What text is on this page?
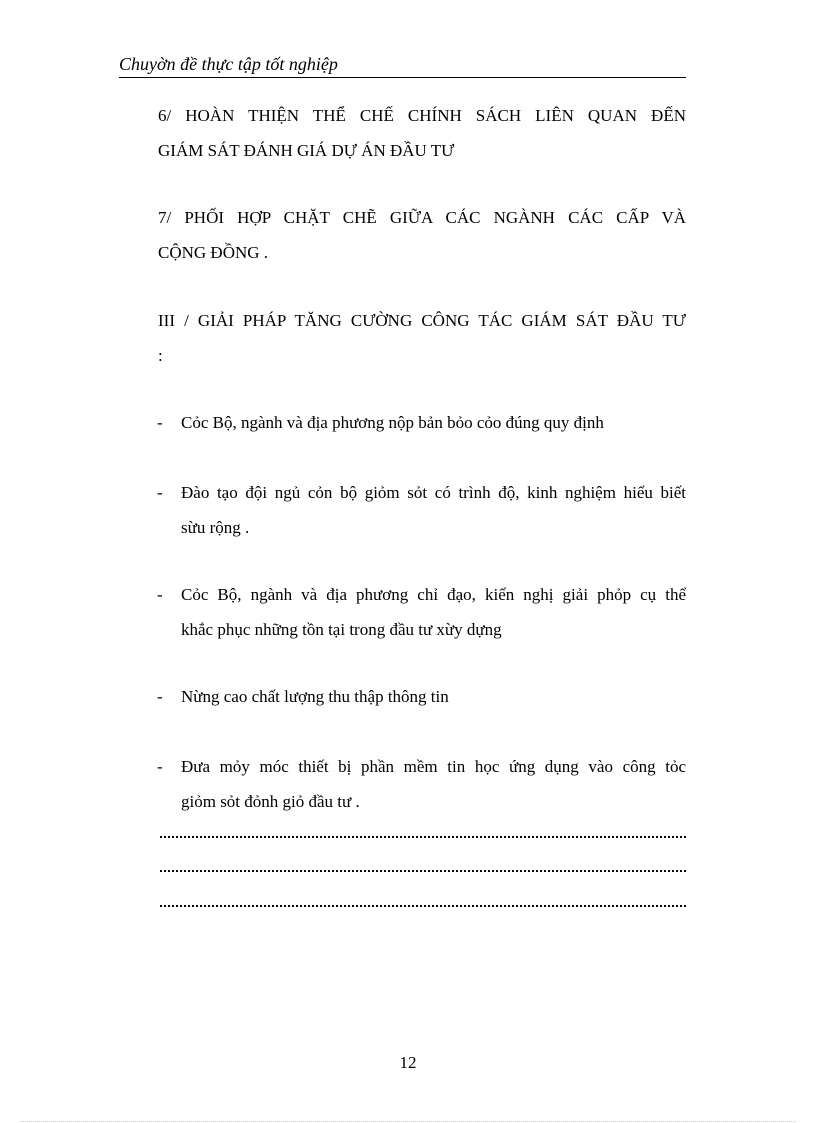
Chuyờn đề thực tập tốt nghiệp
6/ HOÀN THIỆN THỂ CHẾ CHÍNH SÁCH LIÊN QUAN ĐẾN
GIÁM SÁT ĐÁNH GIÁ DỰ ÁN ĐẦU TƯ
7/ PHỐI HỢP CHẶT CHẼ GIỮA CÁC NGÀNH CÁC CẤP VÀ
CỘNG ĐỒNG .
III / GIẢI PHÁP TĂNG CƯỜNG CÔNG TÁC GIÁM SÁT ĐẦU TƯ
:
- Cỏc Bộ, ngành và địa phương nộp bản bỏo cỏo đúng quy định
- Đào tạo đội ngủ cỏn bộ giỏm sỏt có trình độ, kinh nghiệm hiểu biết
sừu rộng .
- Cỏc Bộ, ngành và địa phương chỉ đạo, kiến nghị giải phỏp cụ thể
khắc phục những tồn tại trong đầu tư xừy dựng
- Nừng cao chất lượng thu thập thông tin
- Đưa mỏy móc thiết bị phần mềm tin học ứng dụng vào công tỏc
giỏm sỏt đỏnh giỏ đầu tư .
12
